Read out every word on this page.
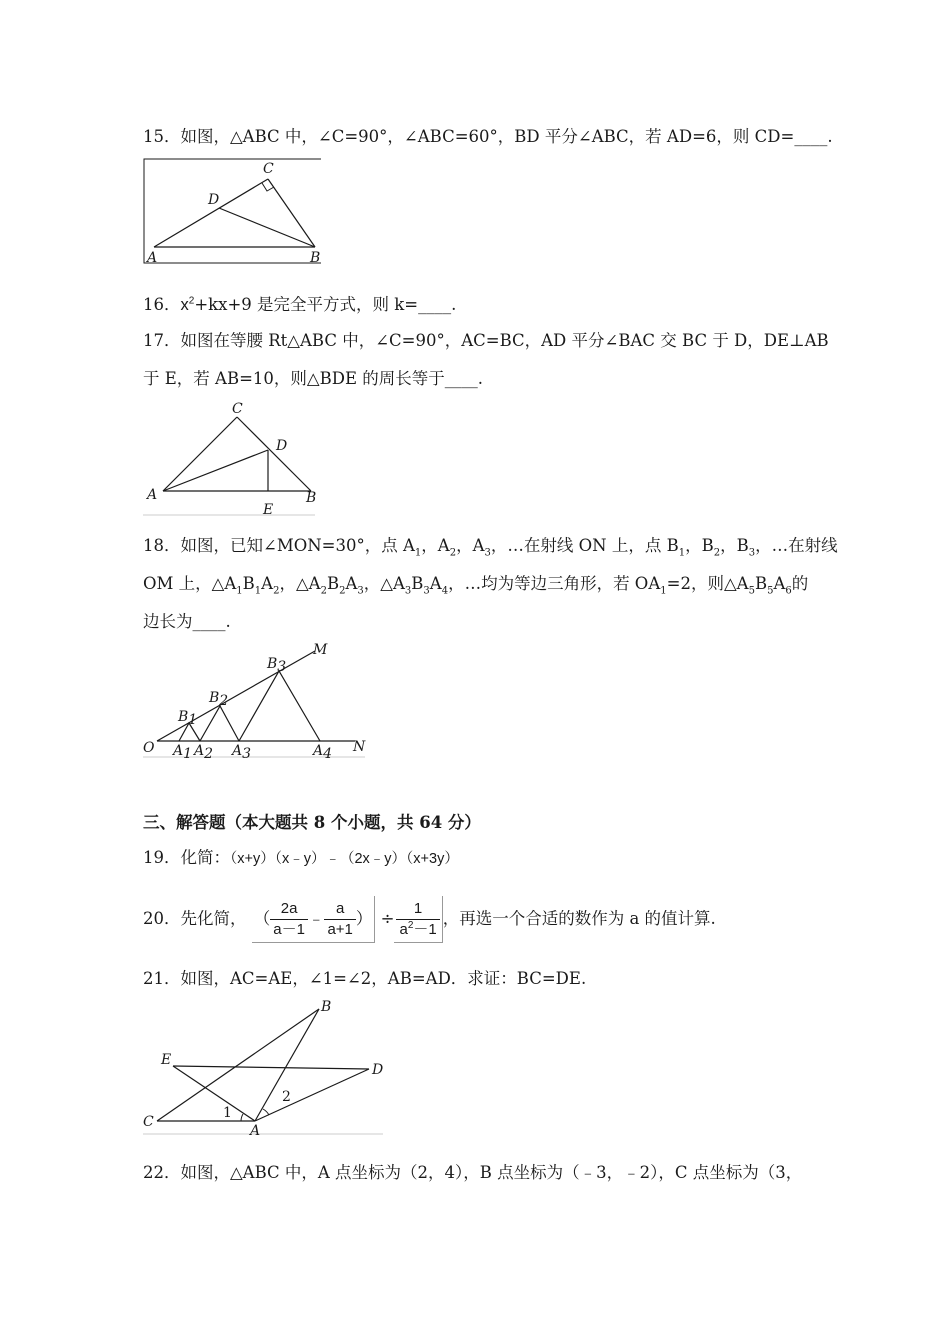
15．如图，△ABC 中，∠C=90°，∠ABC=60°，BD 平分∠ABC，若 AD=6，则 CD=____.
C
D
A	B
16．$x^2+kx+9$ 是完全平方式，则 k=____.
17．如图在等腰 Rt△ABC 中，∠C=90°，AC=BC，AD 平分∠BAC 交 BC 于 D，DE⊥AB
于 E，若 AB=10，则△BDE 的周长等于____.
C
D
A	B
E
18．如图，已知∠MON=30°，点 $A_1$，$A_2$，$A_3$，…在射线 ON 上，点 $B_1$，$B_2$，$B_3$，…在射线
OM 上，$\triangle A_1B_1A_2$，$\triangle A_2B_2A_3$，$\triangle A_3B_3A_4$，…均为等边三角形，若 $OA_1=2$，则$\triangle A_5B_5A_6$的
边长为____.
O
M
N
B1
B2
B3
A1 A2 A3	A4
三、解答题（本大题共 8 个小题，共 64 分）
19．化简：（x+y）（x﹣y）﹣（2x﹣y）（x+3y）
20．先化简， （ $\frac{2a}{a-1}$ ﹣ $\frac{a}{a+1}$ ） ÷ $\frac{1}{a^2-1}$ ，再选一个合适的数作为 a 的值计算.
21．如图，AC=AE，∠1=∠2，AB=AD．求证：BC=DE.
B
E
D
C
A
1
2
22．如图，△ABC 中，A 点坐标为（2，4），B 点坐标为（﹣3，﹣2），C 点坐标为（3，
